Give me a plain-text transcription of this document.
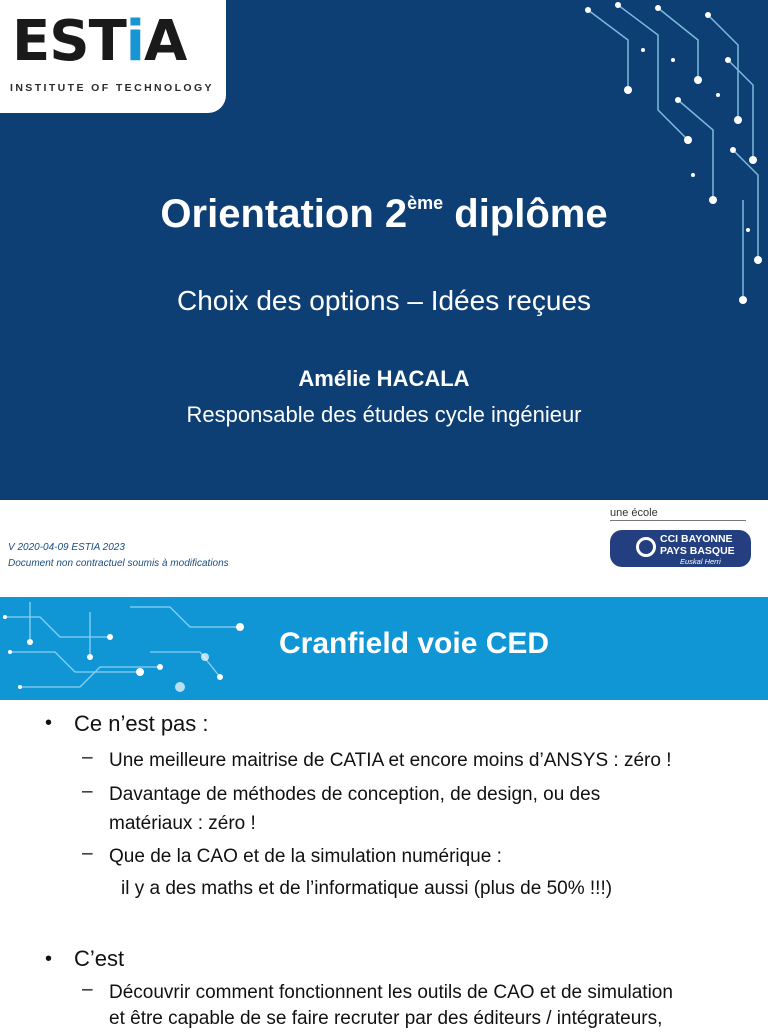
ESTiA
INSTITUTE OF TECHNOLOGY
Orientation 2ème diplôme
Choix des options – Idées reçues
Amélie HACALA
Responsable des études cycle ingénieur
V 2020-04-09 ESTIA 2023
Document non contractuel soumis à modifications
une école
CCI BAYONNE
PAYS BASQUE
Euskal Herri
Cranfield voie CED
• Ce n’est pas :
– Une meilleure maitrise de CATIA et encore moins d’ANSYS : zéro !
– Davantage de méthodes de conception, de design, ou des
matériaux : zéro !
– Que de la CAO et de la simulation numérique :
il y a des maths et de l’informatique aussi (plus de 50% !!!)
• C’est
– Découvrir comment fonctionnent les outils de CAO et de simulation
et être capable de se faire recruter par des éditeurs / intégrateurs,
